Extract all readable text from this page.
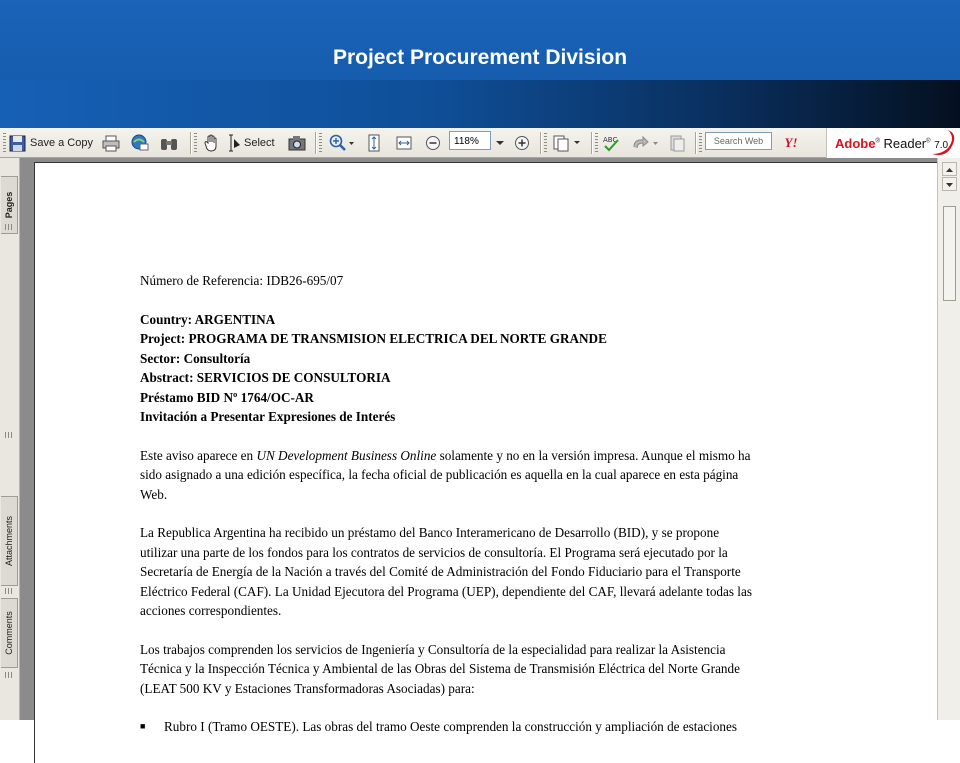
Project Procurement Division
Save a Copy	Select	ABC	Y!
118%	Search Web	Adobe® Reader® 7.0
Pages
Attachments
Comments

Número de Referencia: IDB26-695/07

Country: ARGENTINA
Project: PROGRAMA DE TRANSMISION ELECTRICA DEL NORTE GRANDE
Sector: Consultoría
Abstract: SERVICIOS DE CONSULTORIA
Préstamo BID Nº 1764/OC-AR
Invitación a Presentar Expresiones de Interés

Este aviso aparece en UN Development Business Online solamente y no en la versión impresa. Aunque el mismo ha
sido asignado a una edición específica, la fecha oficial de publicación es aquella en la cual aparece en esta página
Web.

La Republica Argentina ha recibido un préstamo del Banco Interamericano de Desarrollo (BID), y se propone
utilizar una parte de los fondos para los contratos de servicios de consultoría. El Programa será ejecutado por la
Secretaría de Energía de la Nación a través del Comité de Administración del Fondo Fiduciario para el Transporte
Eléctrico Federal (CAF). La Unidad Ejecutora del Programa (UEP), dependiente del CAF, llevará adelante todas las
acciones correspondientes.

Los trabajos comprenden los servicios de Ingeniería y Consultoría de la especialidad para realizar la Asistencia
Técnica y la Inspección Técnica y Ambiental de las Obras del Sistema de Transmisión Eléctrica del Norte Grande
(LEAT 500 KV y Estaciones Transformadoras Asociadas) para:

■	Rubro I (Tramo OESTE). Las obras del tramo Oeste comprenden la construcción y ampliación de estaciones
